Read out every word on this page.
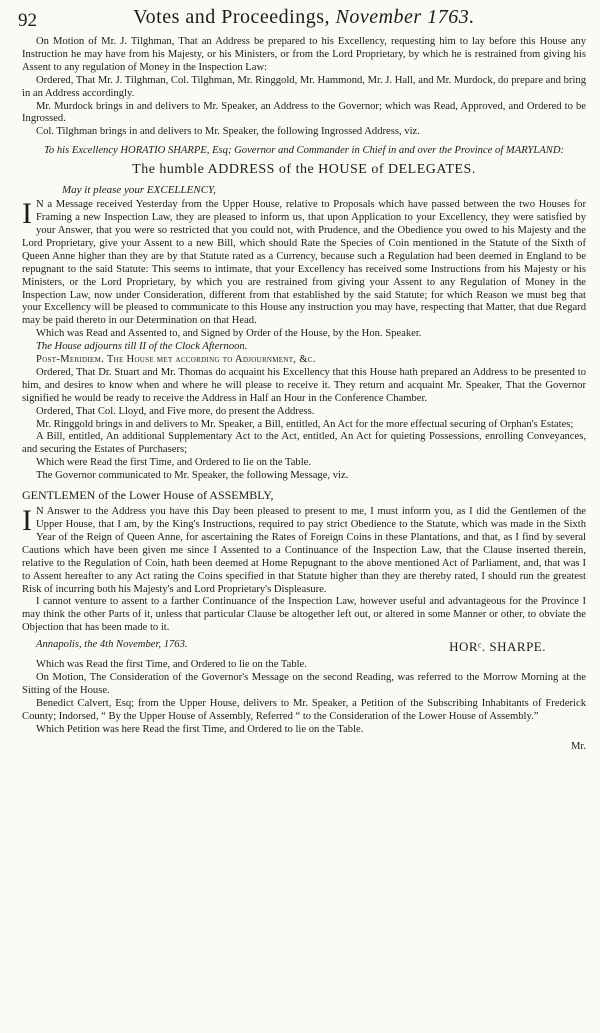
92	Votes and Proceedings, November 1763.

On Motion of Mr. J. Tilghman, That an Address be prepared to his Excellency, requesting him to lay before this House any Instruction he may have from his Majesty, or his Ministers, or from the Lord Proprietary, by which he is restrained from giving his Assent to any regulation of Money in the Inspection Law:

Ordered, That Mr. J. Tilghman, Col. Tilghman, Mr. Ringgold, Mr. Hammond, Mr. J. Hall, and Mr. Murdock, do prepare and bring in an Address accordingly.

Mr. Murdock brings in and delivers to Mr. Speaker, an Address to the Governor; which was Read, Approved, and Ordered to be Ingrossed.

Col. Tilghman brings in and delivers to Mr. Speaker, the following Ingrossed Address, viz.

To his Excellency HORATIO SHARPE, Esq; Governor and Commander in Chief in and over the Province of MARYLAND:

The humble ADDRESS of the HOUSE of DELEGATES.
May it please your EXCELLENCY,

I N a Message received Yesterday from the Upper House, relative to Proposals which have passed between the two Houses for Framing a new Inspection Law, they are pleased to inform us, that upon Application to your Excellency, they were satisfied by your Answer, that you were so restricted that you could not, with Prudence, and the Obedience you owed to his Majesty and the Lord Proprietary, give your Assent to a new Bill, which should Rate the Species of Coin mentioned in the Statute of the Sixth of Queen Anne higher than they are by that Statute rated as a Currency, because such a Regulation had been deemed in England to be repugnant to the said Statute: This seems to intimate, that your Excellency has received some Instructions from his Majesty or his Ministers, or the Lord Proprietary, by which you are restrained from giving your Assent to any Regulation of Money in the Inspection Law, now under Consideration, different from that established by the said Statute; for which Reason we must beg that your Excellency will be pleased to communicate to this House any instruction you may have, respecting that Matter, that due Regard may be paid thereto in our Determination on that Head.

Which was Read and Assented to, and Signed by Order of the House, by the Hon. Speaker.

The House adjourns till II of the Clock Afternoon.

Post-Meridiem. The House met according to Adjournment, &c.

Ordered, That Dr. Stuart and Mr. Thomas do acquaint his Excellency that this House hath prepared an Address to be presented to him, and desires to know when and where he will please to receive it. They return and acquaint Mr. Speaker, That the Governor signified he would be ready to receive the Address in Half an Hour in the Conference Chamber.

Ordered, That Col. Lloyd, and Five more, do present the Address.

Mr. Ringgold brings in and delivers to Mr. Speaker, a Bill, entitled, An Act for the more effectual securing of Orphan's Estates;

A Bill, entitled, An additional Supplementary Act to the Act, entitled, An Act for quieting Possessions, enrolling Conveyances, and securing the Estates of Purchasers;

Which were Read the first Time, and Ordered to lie on the Table.

The Governor communicated to Mr. Speaker, the following Message, viz.

GENTLEMEN of the Lower House of ASSEMBLY,

I N Answer to the Address you have this Day been pleased to present to me, I must inform you, as I did the Gentlemen of the Upper House, that I am, by the King's Instructions, required to pay strict Obedience to the Statute, which was made in the Sixth Year of the Reign of Queen Anne, for ascertaining the Rates of Foreign Coins in these Plantations, and that, as I find by several Cautions which have been given me since I Assented to a Continuance of the Inspection Law, that the Clause inserted therein, relative to the Regulation of Coin, hath been deemed at Home Repugnant to the above mentioned Act of Parliament, and, that was I to Assent hereafter to any Act rating the Coins specified in that Statute higher than they are thereby rated, I should run the greatest Risk of incurring both his Majesty's and Lord Proprietary's Displeasure.

I cannot venture to assent to a farther Continuance of the Inspection Law, however useful and advantageous for the Province I may think the other Parts of it, unless that particular Clause be altogether left out, or altered in some Manner or other, to obviate the Objection that has been made to it.

Annapolis, the 4th November, 1763.	HORᶜ. SHARPE.

Which was Read the first Time, and Ordered to lie on the Table.

On Motion, The Consideration of the Governor's Message on the second Reading, was referred to the Morrow Morning at the Sitting of the House.

Benedict Calvert, Esq; from the Upper House, delivers to Mr. Speaker, a Petition of the Subscribing Inhabitants of Frederick County; Indorsed, “ By the Upper House of Assembly, Referred “ to the Consideration of the Lower House of Assembly.”

Which Petition was here Read the first Time, and Ordered to lie on the Table.

Mr.
